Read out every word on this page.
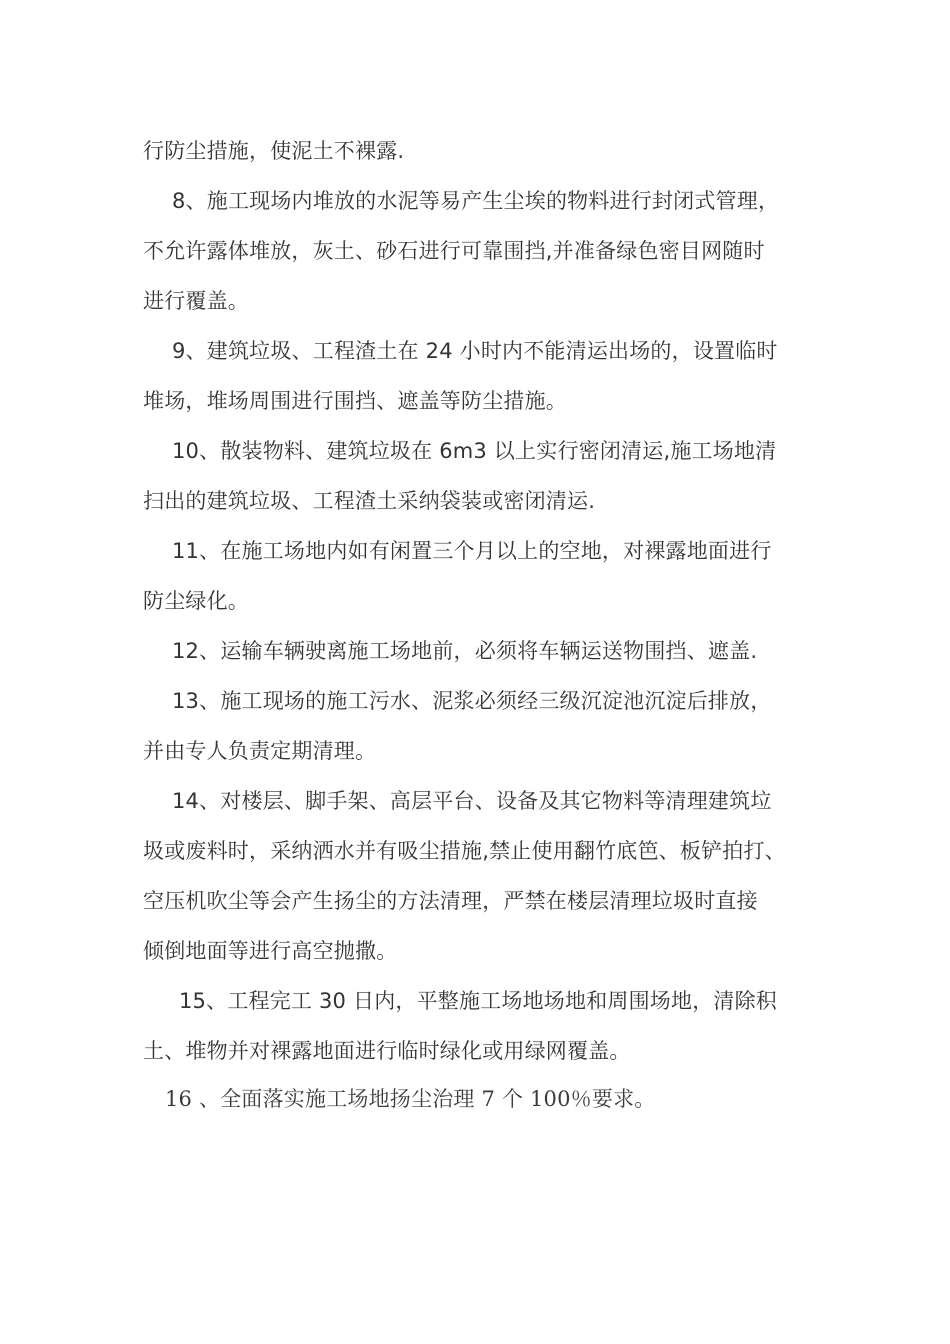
行防尘措施，使泥土不裸露.
8、施工现场内堆放的水泥等易产生尘埃的物料进行封闭式管理，
不允许露体堆放，灰土、砂石进行可靠围挡,并准备绿色密目网随时
进行覆盖。
9、建筑垃圾、工程渣土在 24 小时内不能清运出场的，设置临时
堆场，堆场周围进行围挡、遮盖等防尘措施。
10、散装物料、建筑垃圾在 6m3 以上实行密闭清运,施工场地清
扫出的建筑垃圾、工程渣土采纳袋装或密闭清运.
11、在施工场地内如有闲置三个月以上的空地，对裸露地面进行
防尘绿化。
12、运输车辆驶离施工场地前，必须将车辆运送物围挡、遮盖.
13、施工现场的施工污水、泥浆必须经三级沉淀池沉淀后排放，
并由专人负责定期清理。
14、对楼层、脚手架、高层平台、设备及其它物料等清理建筑垃
圾或废料时，采纳洒水并有吸尘措施,禁止使用翻竹底笆、板铲拍打、
空压机吹尘等会产生扬尘的方法清理，严禁在楼层清理垃圾时直接
倾倒地面等进行高空抛撒。
15、工程完工 30 日内，平整施工场地场地和周围场地，清除积
土、堆物并对裸露地面进行临时绿化或用绿网覆盖。
16 、全面落实施工场地扬尘治理 7 个 100％要求。
